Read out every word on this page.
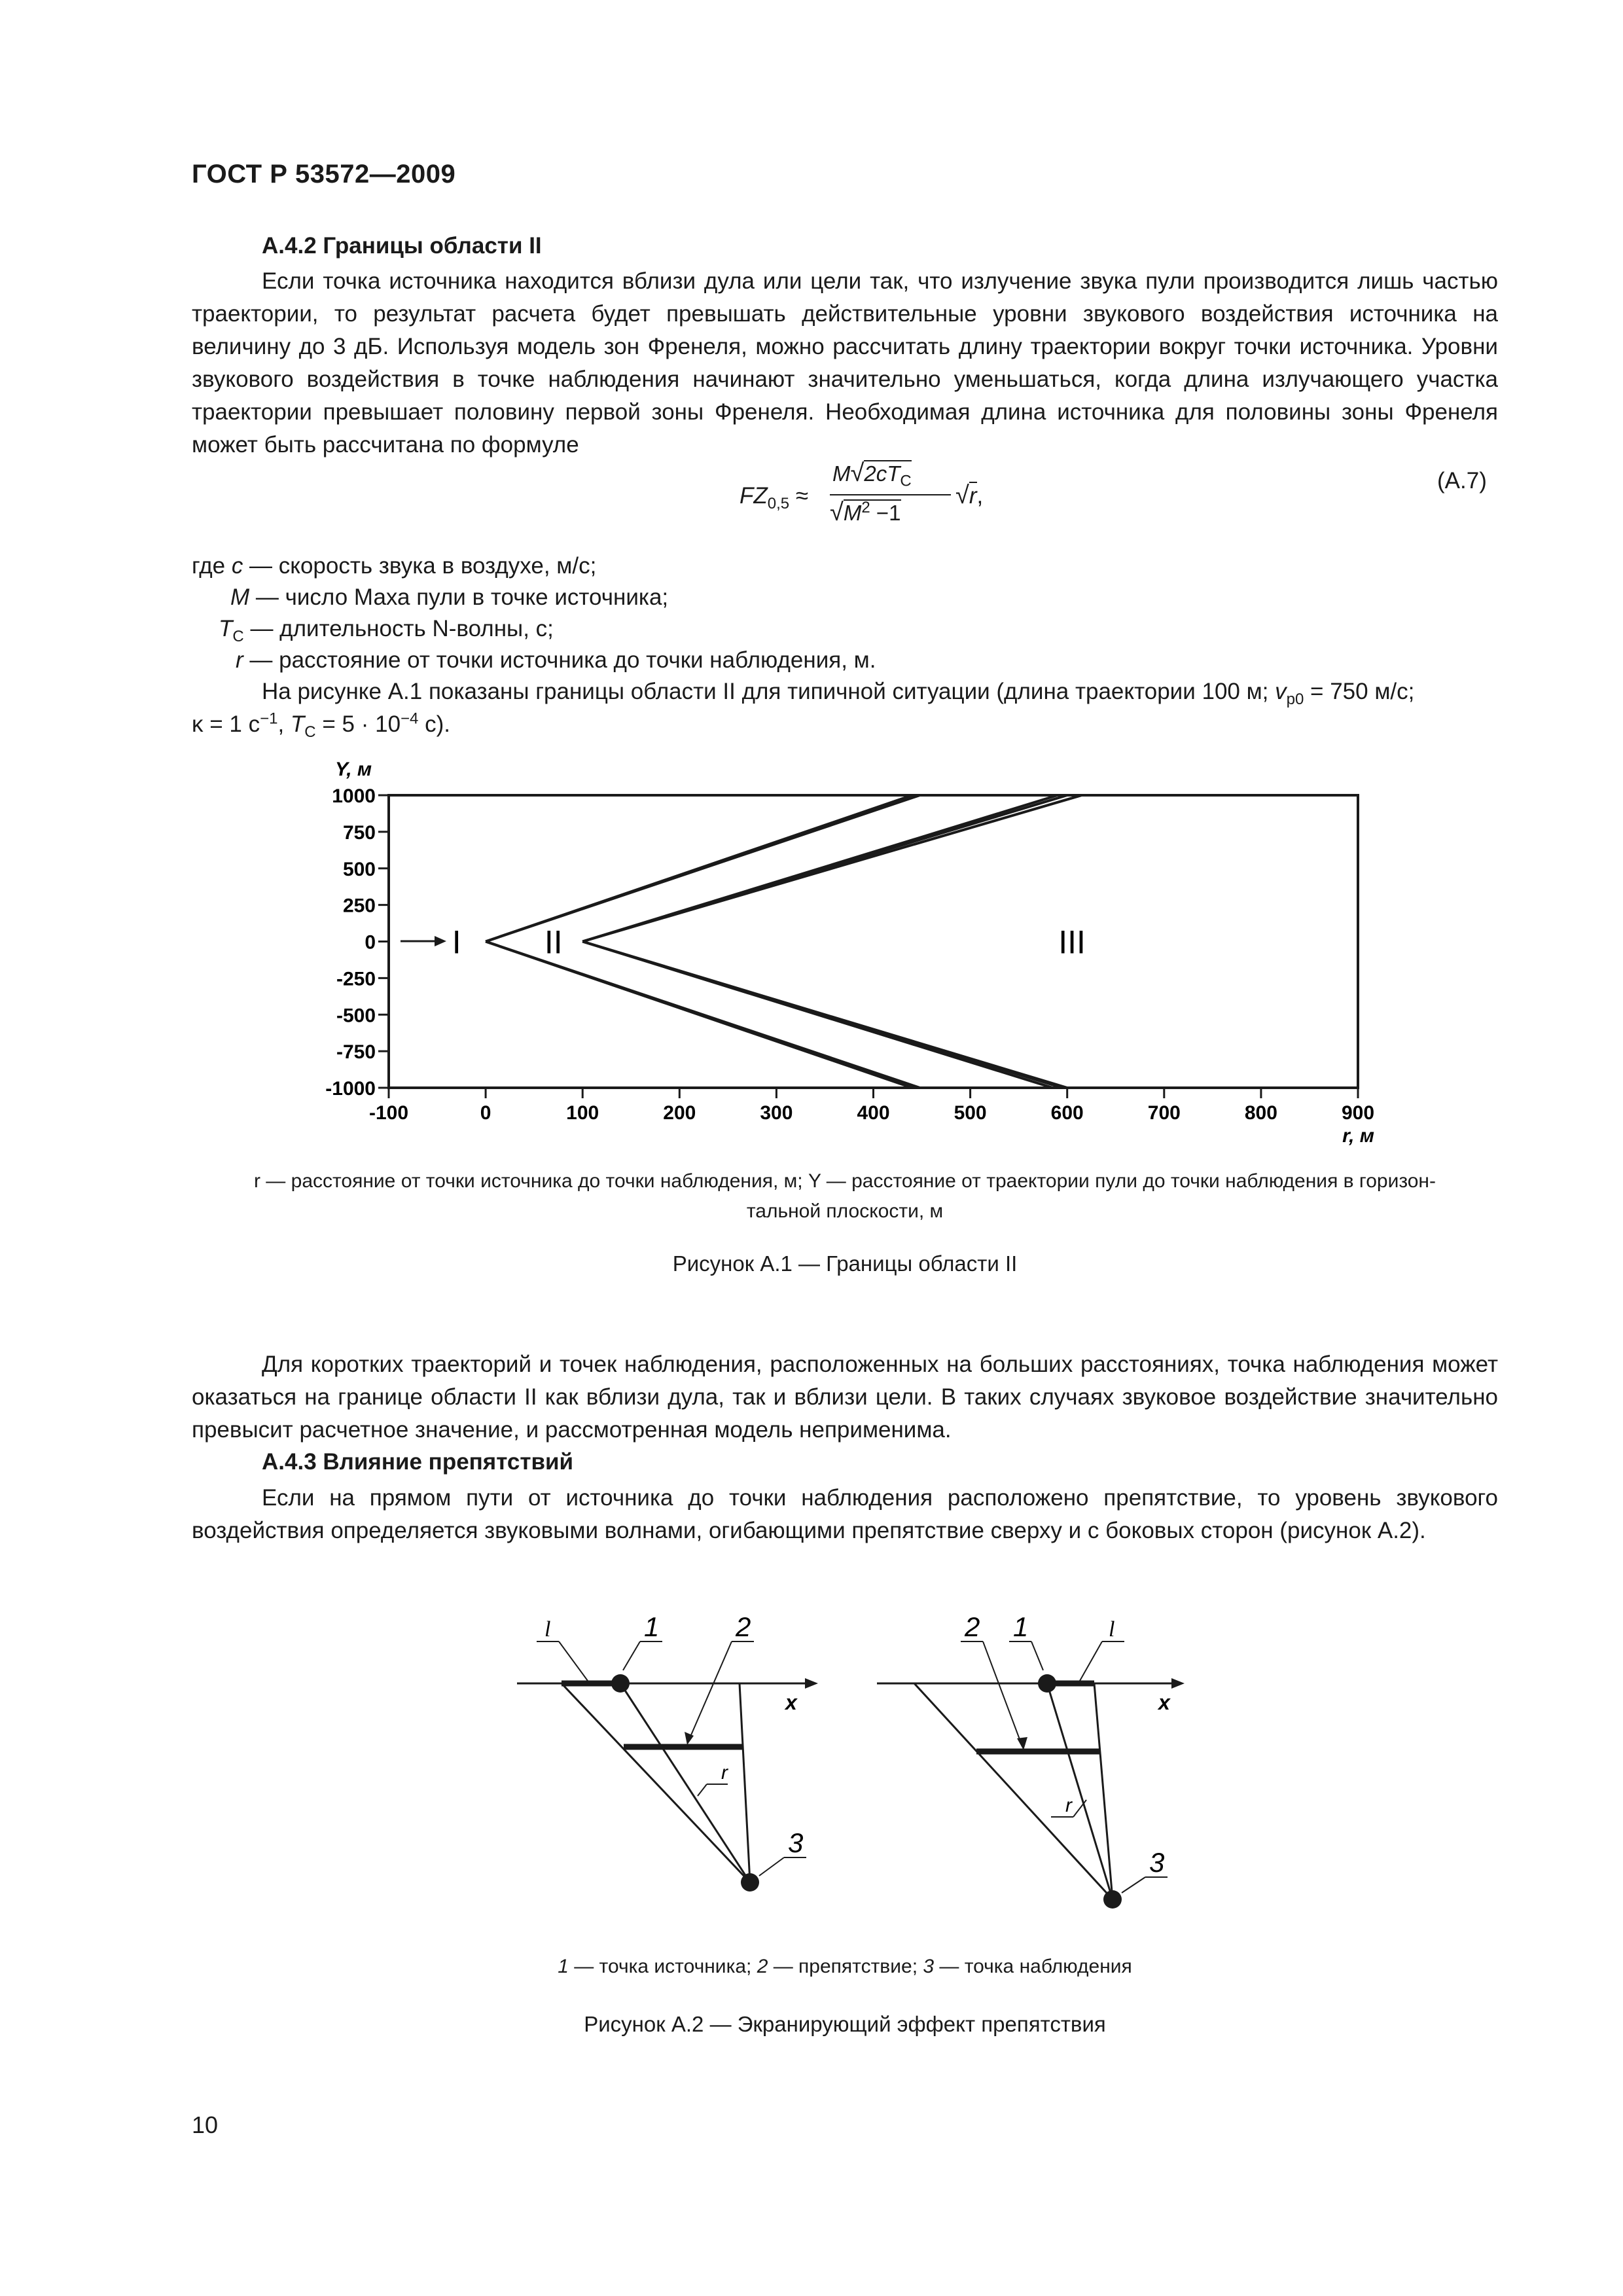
ГОСТ Р 53572—2009
А.4.2 Границы области II
Если точка источника находится вблизи дула или цели так, что излучение звука пули производится лишь частью траектории, то результат расчета будет превышать действительные уровни звукового воздействия источника на величину до 3 дБ. Используя модель зон Френеля, можно рассчитать длину траектории вокруг точки источника. Уровни звукового воздействия в точке наблюдения начинают значительно уменьшаться, когда длина излучающего участка траектории превышает половину первой зоны Френеля. Необходимая длина источника для половины зоны Френеля может быть рассчитана по формуле
$FZ_{0,5}$ ≈
$M√2cT_C$
$√M^2 -1$
√r,
(А.7)
где c — скорость звука в воздухе, м/с;
M — число Маха пули в точке источника;
$T_C$ — длительность N-волны, с;
r — расстояние от точки источника до точки наблюдения, м.
На рисунке А.1 показаны границы области II для типичной ситуации (длина траектории 100 м; $v_{p0} = 750$ м/с;
κ = 1 $с^{-1}$, $T_C = 5 \cdot 10^{-4}$ с).
1000
750
500
250
0
-250
-500
-750
-1000
-100	0	100	200	300	400	500	600	700	800	900
I	II	III
Y, м
r, м
r — расстояние от точки источника до точки наблюдения, м; Y — расстояние от траектории пули до точки наблюдения в горизон-
тальной плоскости, м
Рисунок А.1 — Границы области II
Для коротких траекторий и точек наблюдения, расположенных на больших расстояниях, точка наблюдения может оказаться на границе области II как вблизи дула, так и вблизи цели. В таких случаях звуковое воздействие значительно превысит расчетное значение, и рассмотренная модель неприменима.
А.4.3 Влияние препятствий
Если на прямом пути от источника до точки наблюдения расположено препятствие, то уровень звукового воздействия определяется звуковыми волнами, огибающими препятствие сверху и с боковых сторон (рисунок А.2).
x
l	1	2
r
3
x
2 1	l
r
3
1 — точка источника; 2 — препятствие; 3 — точка наблюдения
Рисунок А.2 — Экранирующий эффект препятствия
10
